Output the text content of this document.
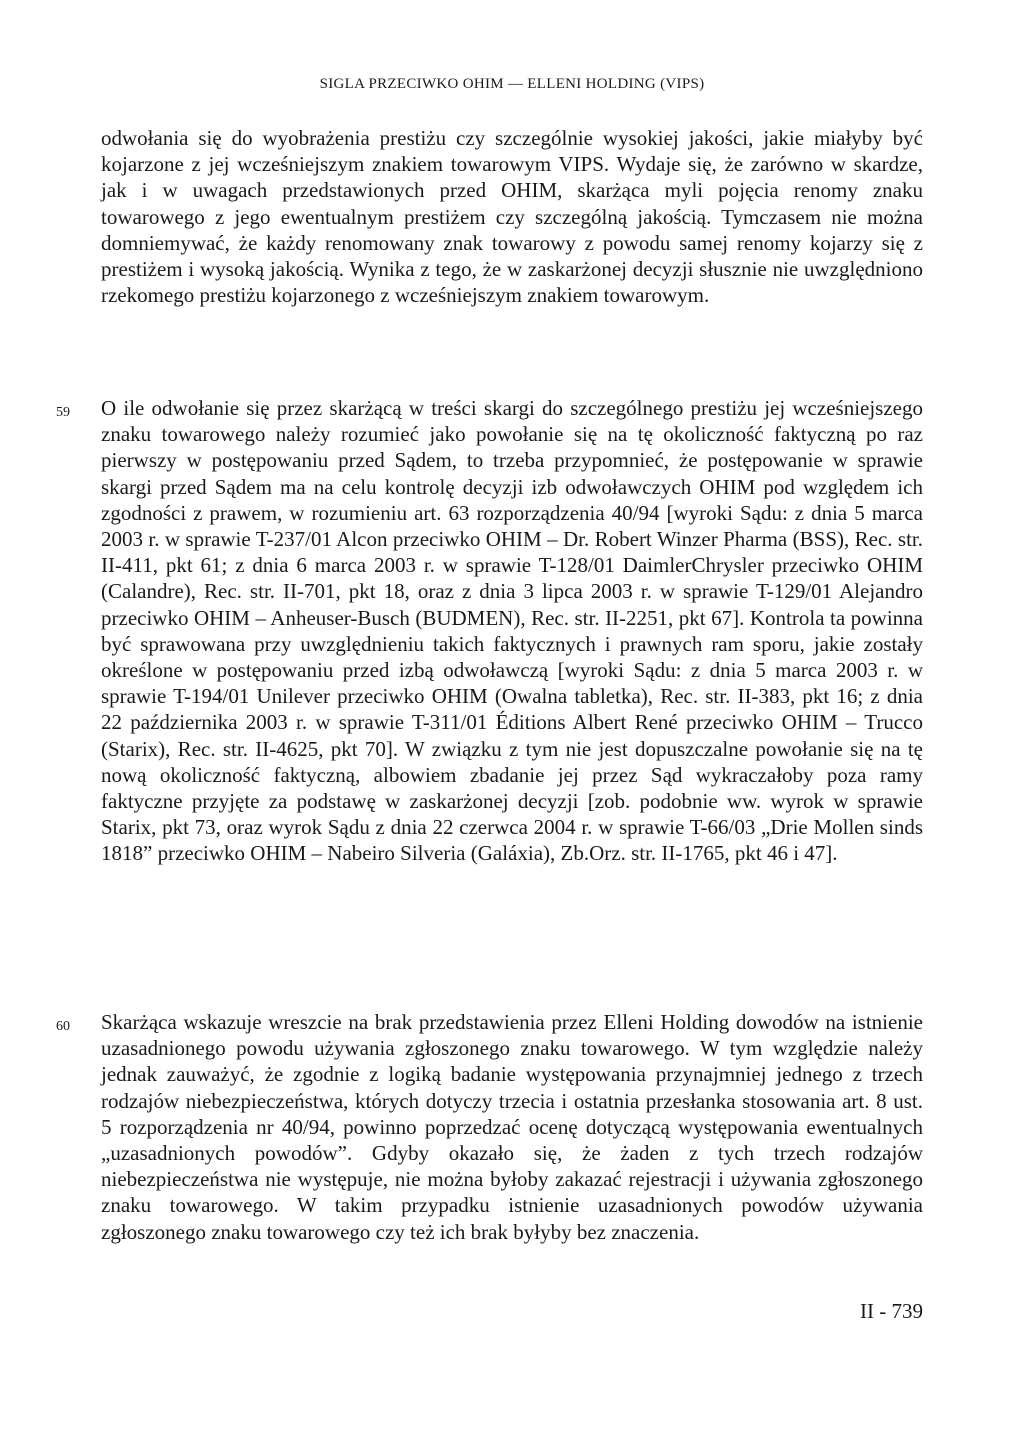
SIGLA PRZECIWKO OHIM — ELLENI HOLDING (VIPS)

odwołania się do wyobrażenia prestiżu czy szczególnie wysokiej jakości, jakie miałyby być kojarzone z jej wcześniejszym znakiem towarowym VIPS. Wydaje się, że zarówno w skardze, jak i w uwagach przedstawionych przed OHIM, skarżąca myli pojęcia renomy znaku towarowego z jego ewentualnym prestiżem czy szczególną jakością. Tymczasem nie można domniemywać, że każdy renomowany znak towarowy z powodu samej renomy kojarzy się z prestiżem i wysoką jakością. Wynika z tego, że w zaskarżonej decyzji słusznie nie uwzględniono rzekomego prestiżu kojarzonego z wcześniejszym znakiem towarowym.

59 O ile odwołanie się przez skarżącą w treści skargi do szczególnego prestiżu jej wcześniejszego znaku towarowego należy rozumieć jako powołanie się na tę okoliczność faktyczną po raz pierwszy w postępowaniu przed Sądem, to trzeba przypomnieć, że postępowanie w sprawie skargi przed Sądem ma na celu kontrolę decyzji izb odwoławczych OHIM pod względem ich zgodności z prawem, w rozumieniu art. 63 rozporządzenia 40/94 [wyroki Sądu: z dnia 5 marca 2003 r. w sprawie T-237/01 Alcon przeciwko OHIM – Dr. Robert Winzer Pharma (BSS), Rec. str. II-411, pkt 61; z dnia 6 marca 2003 r. w sprawie T-128/01 DaimlerChrysler przeciwko OHIM (Calandre), Rec. str. II-701, pkt 18, oraz z dnia 3 lipca 2003 r. w sprawie T-129/01 Alejandro przeciwko OHIM – Anheuser-Busch (BUDMEN), Rec. str. II-2251, pkt 67]. Kontrola ta powinna być sprawowana przy uwzględnieniu takich faktycznych i prawnych ram sporu, jakie zostały określone w postępowaniu przed izbą odwoławczą [wyroki Sądu: z dnia 5 marca 2003 r. w sprawie T-194/01 Unilever przeciwko OHIM (Owalna tabletka), Rec. str. II-383, pkt 16; z dnia 22 października 2003 r. w sprawie T-311/01 Éditions Albert René przeciwko OHIM – Trucco (Starix), Rec. str. II-4625, pkt 70]. W związku z tym nie jest dopuszczalne powołanie się na tę nową okoliczność faktyczną, albowiem zbadanie jej przez Sąd wykraczałoby poza ramy faktyczne przyjęte za podstawę w zaskarżonej decyzji [zob. podobnie ww. wyrok w sprawie Starix, pkt 73, oraz wyrok Sądu z dnia 22 czerwca 2004 r. w sprawie T-66/03 „Drie Mollen sinds 1818” przeciwko OHIM – Nabeiro Silveria (Galáxia), Zb.Orz. str. II-1765, pkt 46 i 47].

60 Skarżąca wskazuje wreszcie na brak przedstawienia przez Elleni Holding dowodów na istnienie uzasadnionego powodu używania zgłoszonego znaku towarowego. W tym względzie należy jednak zauważyć, że zgodnie z logiką badanie występowania przynajmniej jednego z trzech rodzajów niebezpieczeństwa, których dotyczy trzecia i ostatnia przesłanka stosowania art. 8 ust. 5 rozporządzenia nr 40/94, powinno poprzedzać ocenę dotyczącą występowania ewentualnych „uzasadnionych powodów”. Gdyby okazało się, że żaden z tych trzech rodzajów niebezpieczeństwa nie występuje, nie można byłoby zakazać rejestracji i używania zgłoszonego znaku towarowego. W takim przypadku istnienie uzasadnionych powodów używania zgłoszonego znaku towarowego czy też ich brak byłyby bez znaczenia.

II - 739
